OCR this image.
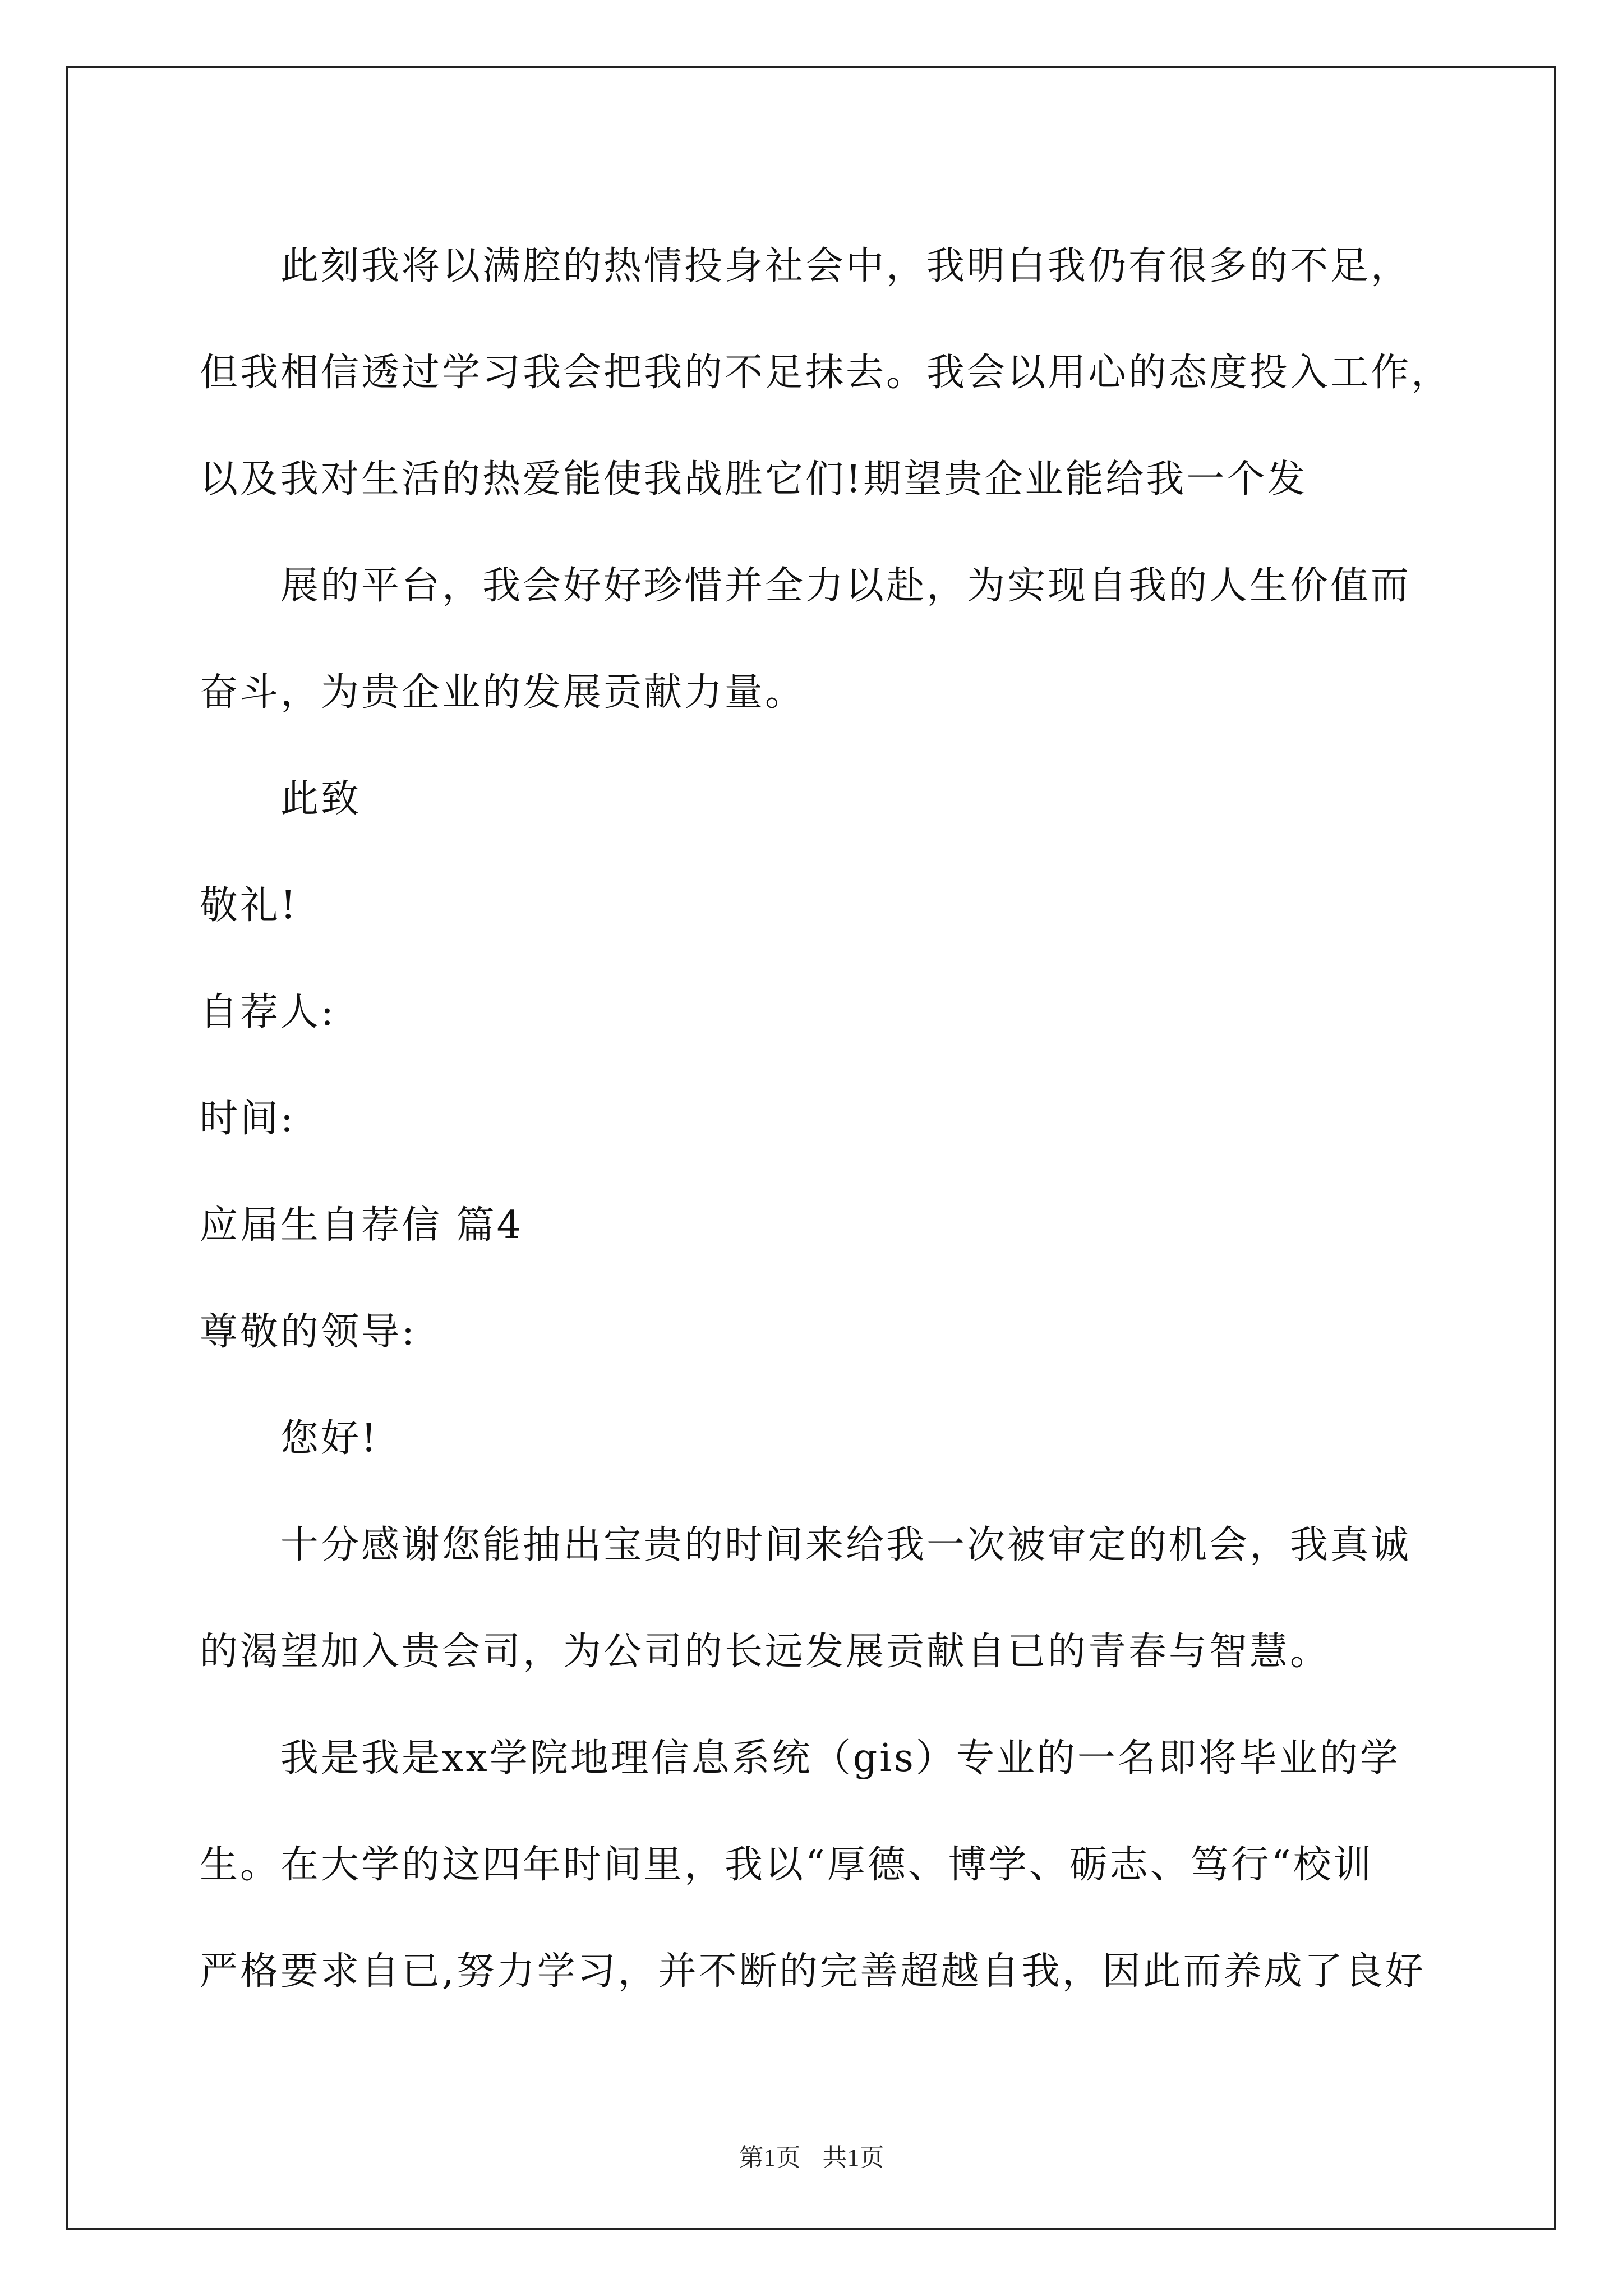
此刻我将以满腔的热情投身社会中，我明白我仍有很多的不足，
但我相信透过学习我会把我的不足抹去。我会以用心的态度投入工作，
以及我对生活的热爱能使我战胜它们!期望贵企业能给我一个发
展的平台，我会好好珍惜并全力以赴，为实现自我的人生价值而
奋斗，为贵企业的发展贡献力量。
此致
敬礼!
自荐人:
时间:
应届生自荐信 篇4
尊敬的领导:
您好!
十分感谢您能抽出宝贵的时间来给我一次被审定的机会，我真诚
的渴望加入贵会司，为公司的长远发展贡献自已的青春与智慧。
我是我是xx学院地理信息系统（gis）专业的一名即将毕业的学
生。在大学的这四年时间里，我以“厚德、博学、砺志、笃行“校训
严格要求自已,努力学习，并不断的完善超越自我，因此而养成了良好
第1页 共1页
